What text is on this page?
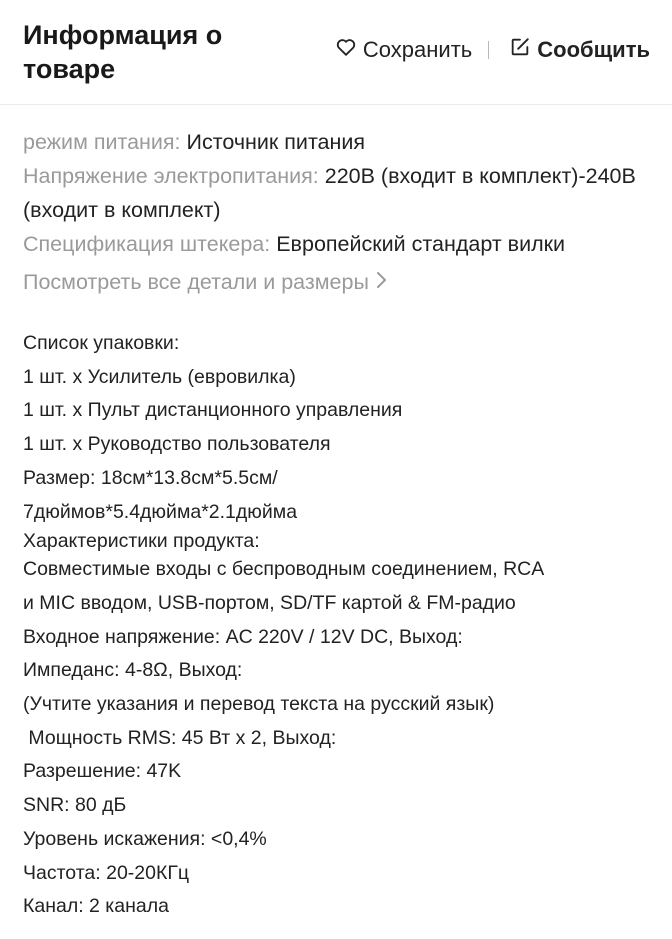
Информация о товаре
Сохранить	Сообщить
режим питания: Источник питания
Напряжение электропитания: 220В (входит в комплект)-240В (входит в комплект)
Спецификация штекера: Европейский стандарт вилки
Посмотреть все детали и размеры
Список упаковки:
1 шт. x Усилитель (евровилка)
1 шт. x Пульт дистанционного управления
1 шт. x Руководство пользователя
Размер: 18см*13.8см*5.5см/
7дюймов*5.4дюйма*2.1дюйма
Характеристики продукта:
Совместимые входы с беспроводным соединением, RCA
и MIC вводом, USB-портом, SD/TF картой & FM-радио
Входное напряжение: AC 220V / 12V DC, Выход:
Импеданс: 4-8Ω, Выход:
(Учтите указания и перевод текста на русский язык)
Мощность RMS: 45 Вт x 2, Выход:
Разрешение: 47K
SNR: 80 дБ
Уровень искажения: <0,4%
Частота: 20-20КГц
Канал: 2 канала
